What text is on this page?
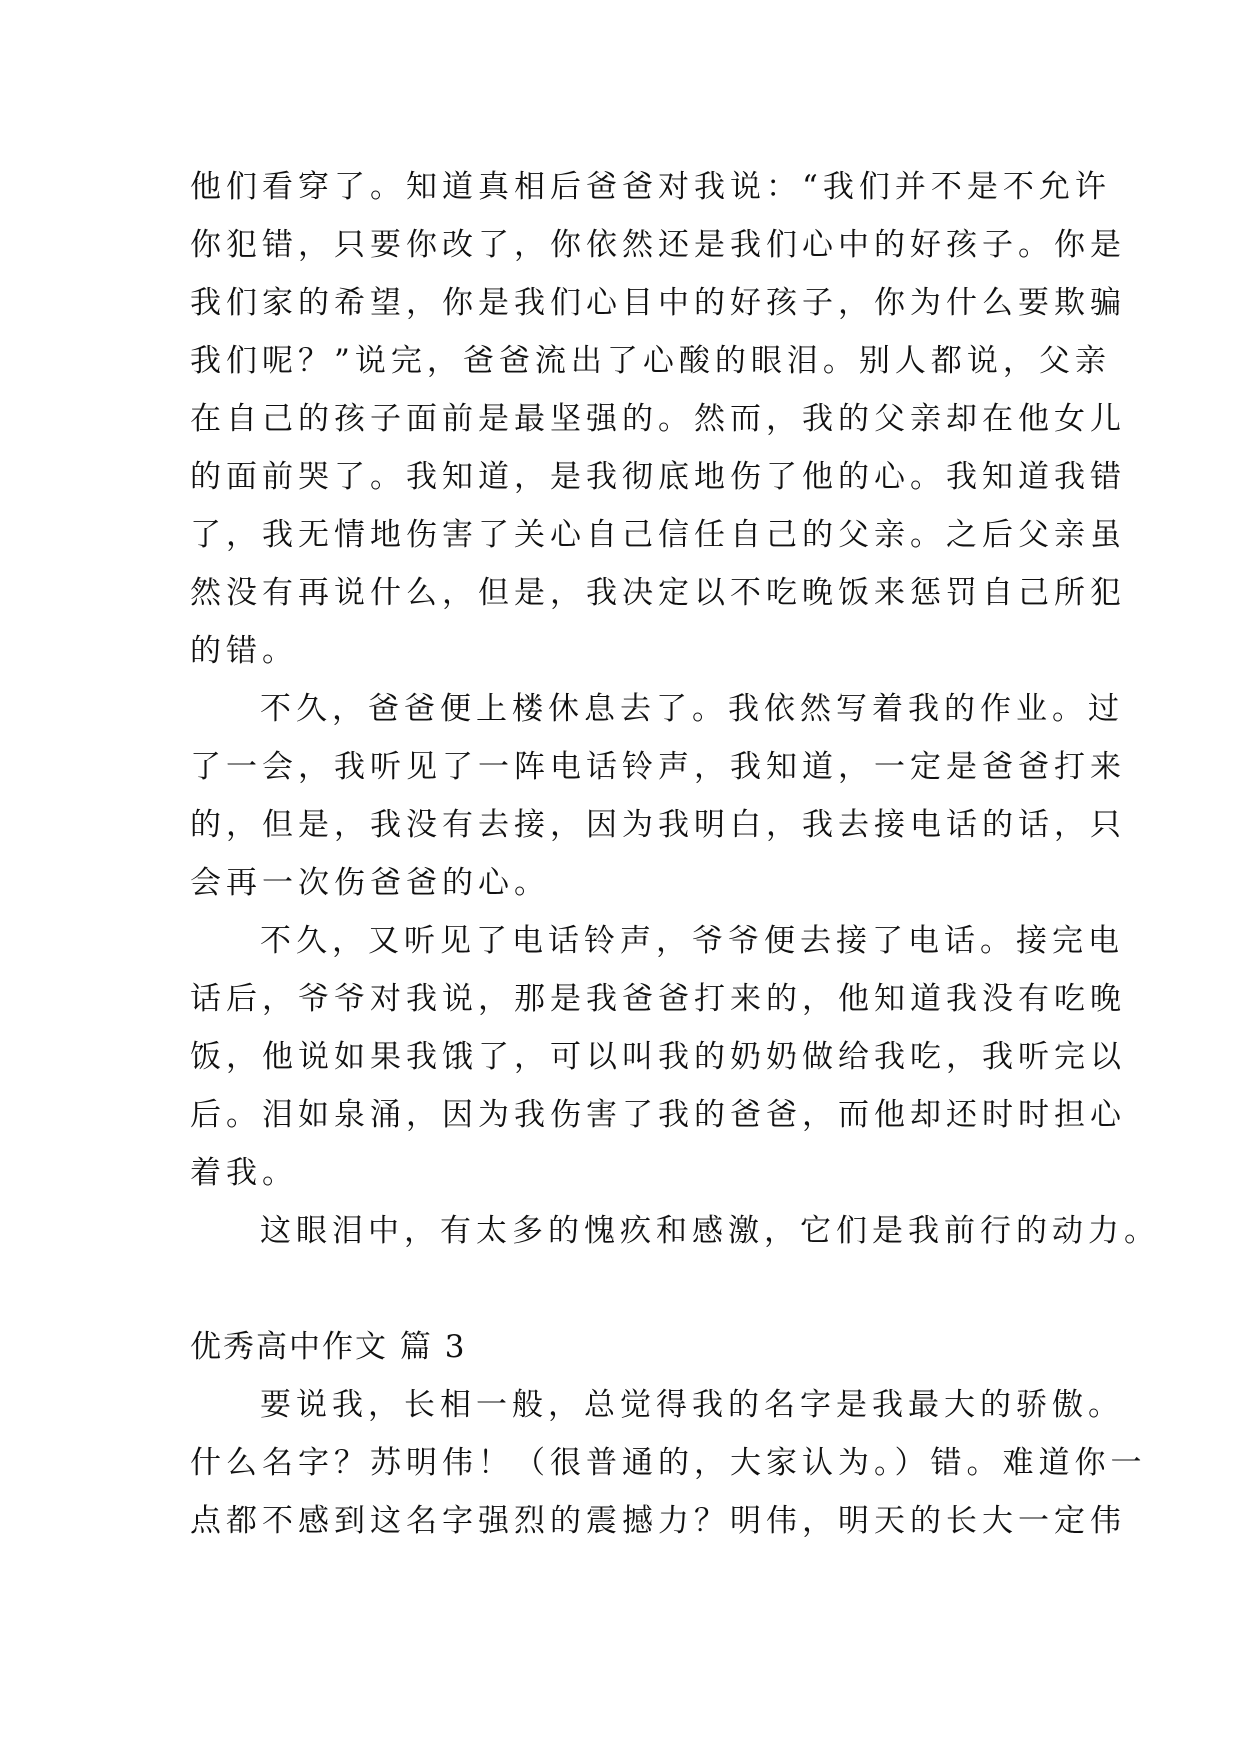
他们看穿了。知道真相后爸爸对我说：“我们并不是不允许
你犯错，只要你改了，你依然还是我们心中的好孩子。你是
我们家的希望，你是我们心目中的好孩子，你为什么要欺骗
我们呢？”说完，爸爸流出了心酸的眼泪。别人都说，父亲
在自己的孩子面前是最坚强的。然而，我的父亲却在他女儿
的面前哭了。我知道，是我彻底地伤了他的心。我知道我错
了，我无情地伤害了关心自己信任自己的父亲。之后父亲虽
然没有再说什么，但是，我决定以不吃晚饭来惩罚自己所犯
的错。
不久，爸爸便上楼休息去了。我依然写着我的作业。过
了一会，我听见了一阵电话铃声，我知道，一定是爸爸打来
的，但是，我没有去接，因为我明白，我去接电话的话，只
会再一次伤爸爸的心。
不久，又听见了电话铃声，爷爷便去接了电话。接完电
话后，爷爷对我说，那是我爸爸打来的，他知道我没有吃晚
饭，他说如果我饿了，可以叫我的奶奶做给我吃，我听完以
后。泪如泉涌，因为我伤害了我的爸爸，而他却还时时担心
着我。
这眼泪中，有太多的愧疚和感激，它们是我前行的动力。
优秀高中作文 篇 3
要说我，长相一般，总觉得我的名字是我最大的骄傲。
什么名字？苏明伟！（很普通的，大家认为。）错。难道你一
点都不感到这名字强烈的震撼力？明伟，明天的长大一定伟
